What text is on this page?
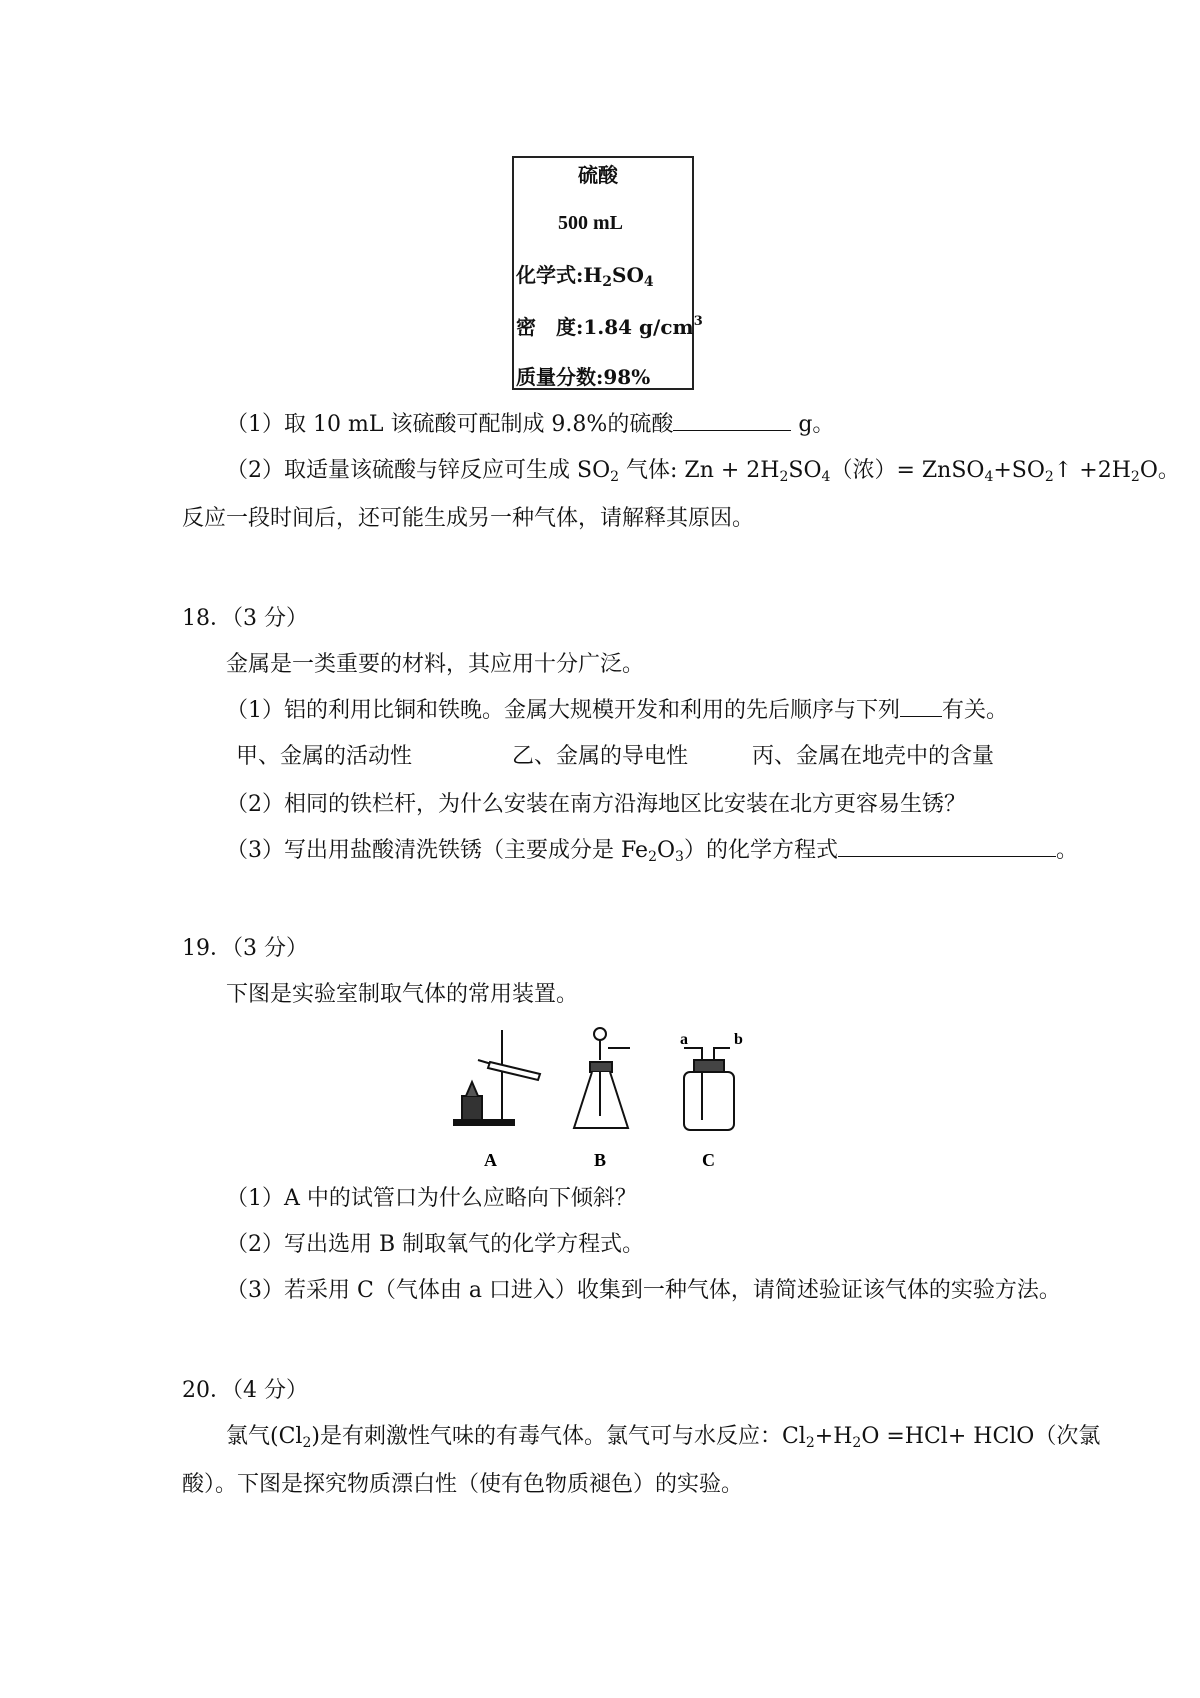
硫酸
500 mL
化学式$:H_2SO_4$
密　度:1.84 $g/cm^3$
质量分数:98%
（1）取 10 mL 该硫酸可配制成 9.8%的硫酸	g。
（2）取适量该硫酸与锌反应可生成 $SO_2$ 气体: $Zn + 2H_2SO_4$（浓）= $ZnSO_4+SO_2↑ +2H_2O$。
反应一段时间后，还可能生成另一种气体，请解释其原因。
18．（3 分）
金属是一类重要的材料，其应用十分广泛。
（1）铝的利用比铜和铁晚。金属大规模开发和利用的先后顺序与下列 有关。
甲、金属的活动性	乙、金属的导电性	丙、金属在地壳中的含量
（2）相同的铁栏杆，为什么安装在南方沿海地区比安装在北方更容易生锈？
（3）写出用盐酸清洗铁锈（主要成分是 $Fe_2O_3$）的化学方程式	。
19．（3 分）
下图是实验室制取气体的常用装置。
A	B	C
a	b
（1）A 中的试管口为什么应略向下倾斜？
（2）写出选用 B 制取氧气的化学方程式。
（3）若采用 C（气体由 a 口进入）收集到一种气体，请简述验证该气体的实验方法。
20．（4 分）
氯气$(Cl_2)$是有刺激性气味的有毒气体。氯气可与水反应：$Cl_2+H_2O =HCl+$ HClO（次氯
酸）。下图是探究物质漂白性（使有色物质褪色）的实验。
